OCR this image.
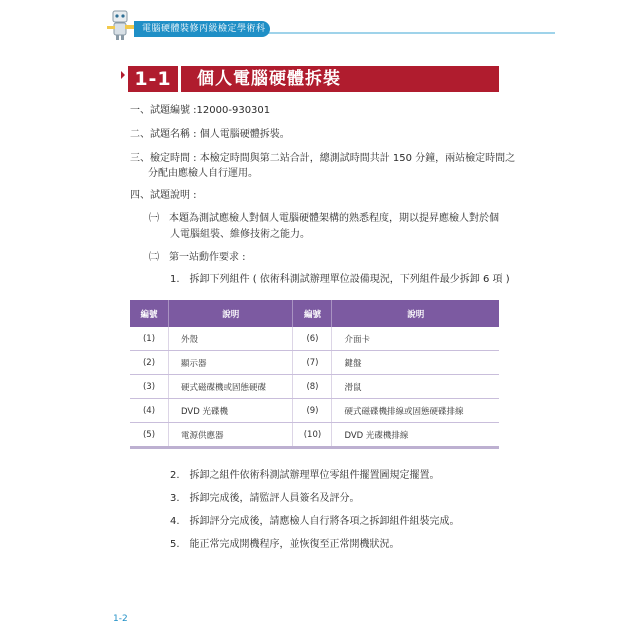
電腦硬體裝修丙級檢定學術科
1-1	個人電腦硬體拆裝
一、試題編號 :12000-930301
二、試題名稱 : 個人電腦硬體拆裝。
三、檢定時間 : 本檢定時間與第二站合計，總測試時間共計 150 分鐘，兩站檢定時間之
分配由應檢人自行運用。
四、試題說明 :
㈠　本題為測試應檢人對個人電腦硬體架構的熟悉程度，期以提昇應檢人對於個
人電腦組裝、維修技術之能力。
㈡　第一站動作要求 :
1.　拆卸下列組件 ( 依術科測試辦理單位設備現況，下列組件最少拆卸 6 項 )
編號	說明	編號	說明
(1)	外殼	(6)	介面卡
(2)	顯示器	(7)	鍵盤
(3)	硬式磁碟機或固態硬碟	(8)	滑鼠
(4)	DVD 光碟機	(9)	硬式磁碟機排線或固態硬碟排線
(5)	電源供應器	(10)	DVD 光碟機排線
2.　拆卸之組件依術科測試辦理單位零組件擺置圖規定擺置。
3.　拆卸完成後，請監評人員簽名及評分。
4.　拆卸評分完成後，請應檢人自行將各項之拆卸組件組裝完成。
5.　能正常完成開機程序，並恢復至正常開機狀況。
1-2
